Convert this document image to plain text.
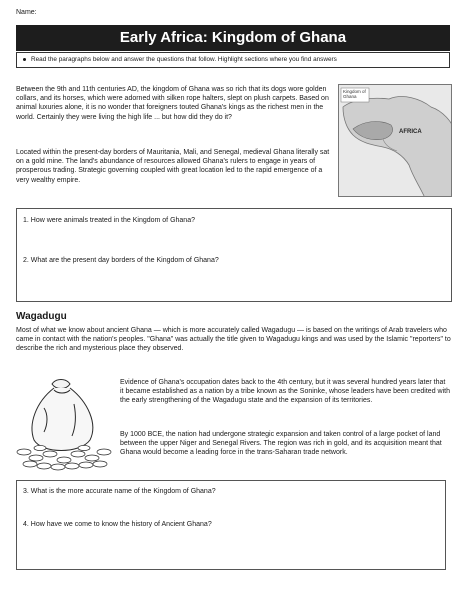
Name:
Early Africa: Kingdom of Ghana
Read the paragraphs below and answer the questions that follow. Highlight sections where you find answers
Between the 9th and 11th centuries AD, the kingdom of Ghana was so rich that its dogs wore golden collars, and its horses, which were adorned with silken rope halters, slept on plush carpets. Based on animal luxuries alone, it is no wonder that foreigners touted Ghana's kings as the richest men in the world. Certainly they were living the high life ... but how did they do it?
Located within the present-day borders of Mauritania, Mali, and Senegal, medieval Ghana literally sat on a gold mine. The land's abundance of resources allowed Ghana's rulers to engage in years of prosperous trading. Strategic governing coupled with great location led to the rapid emergence of a very wealthy empire.
Kingdom of Ghana
AFRICA
1. How were animals treated in the Kingdom of Ghana?
2. What are the present day borders of the Kingdom of Ghana?
Wagadugu
Most of what we know about ancient Ghana — which is more accurately called Wagadugu — is based on the writings of Arab travelers who came in contact with the nation's peoples. "Ghana" was actually the title given to Wagadugu kings and was used by the Islamic "reporters" to describe the rich and mysterious place they observed.
Evidence of Ghana's occupation dates back to the 4th century, but it was several hundred years later that it became established as a nation by a tribe known as the Soninke, whose leaders have been credited with the early strengthening of the Wagadugu state and the expansion of its territories.
By 1000 BCE, the nation had undergone strategic expansion and taken control of a large pocket of land between the upper Niger and Senegal Rivers. The region was rich in gold, and its acquisition meant that Ghana would become a leading force in the trans-Saharan trade network.
3. What is the more accurate name of the Kingdom of Ghana?
4. How have we come to know the history of Ancient Ghana?
